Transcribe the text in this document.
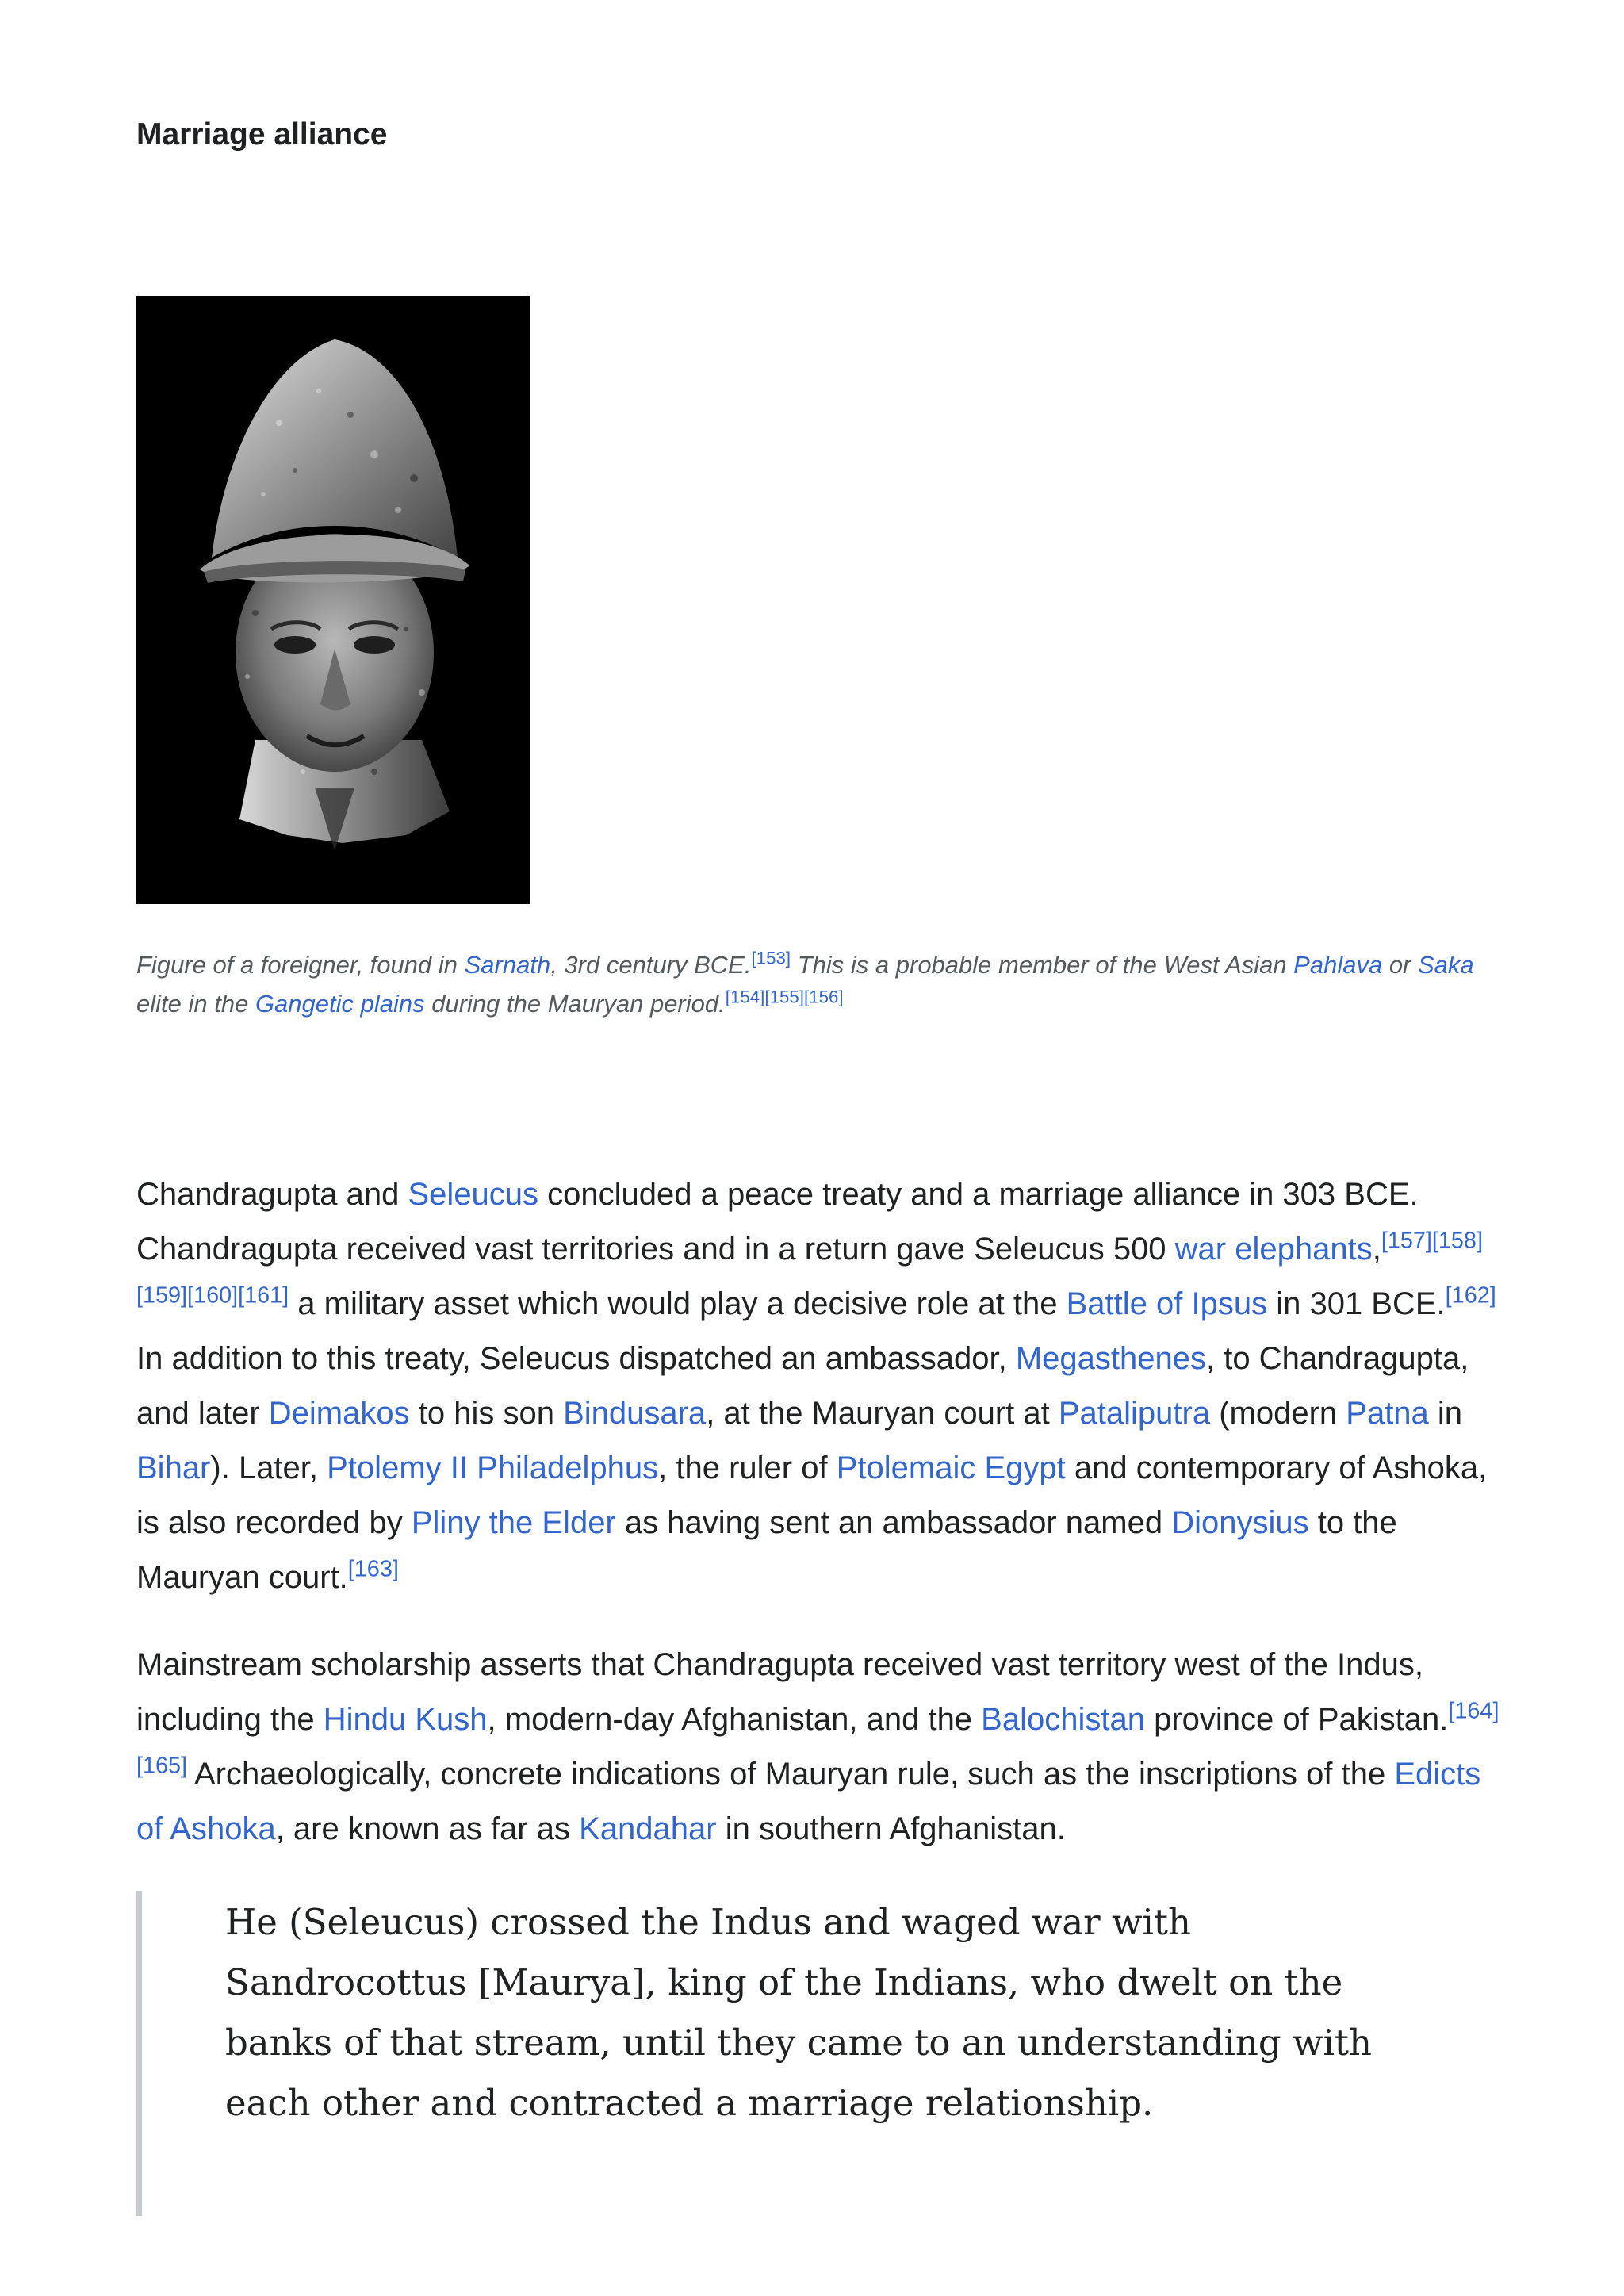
Marriage alliance

Figure of a foreigner, found in Sarnath, 3rd century BCE.[153] This is a probable member of the West Asian Pahlava or Saka elite in the Gangetic plains during the Mauryan period.[154][155][156]

Chandragupta and Seleucus concluded a peace treaty and a marriage alliance in 303 BCE. Chandragupta received vast territories and in a return gave Seleucus 500 war elephants,[157][158][159][160][161] a military asset which would play a decisive role at the Battle of Ipsus in 301 BCE.[162] In addition to this treaty, Seleucus dispatched an ambassador, Megasthenes, to Chandragupta, and later Deimakos to his son Bindusara, at the Mauryan court at Pataliputra (modern Patna in Bihar). Later, Ptolemy II Philadelphus, the ruler of Ptolemaic Egypt and contemporary of Ashoka, is also recorded by Pliny the Elder as having sent an ambassador named Dionysius to the Mauryan court.[163]

Mainstream scholarship asserts that Chandragupta received vast territory west of the Indus, including the Hindu Kush, modern-day Afghanistan, and the Balochistan province of Pakistan.[164][165] Archaeologically, concrete indications of Mauryan rule, such as the inscriptions of the Edicts of Ashoka, are known as far as Kandahar in southern Afghanistan.

He (Seleucus) crossed the Indus and waged war with Sandrocottus [Maurya], king of the Indians, who dwelt on the banks of that stream, until they came to an understanding with each other and contracted a marriage relationship.
